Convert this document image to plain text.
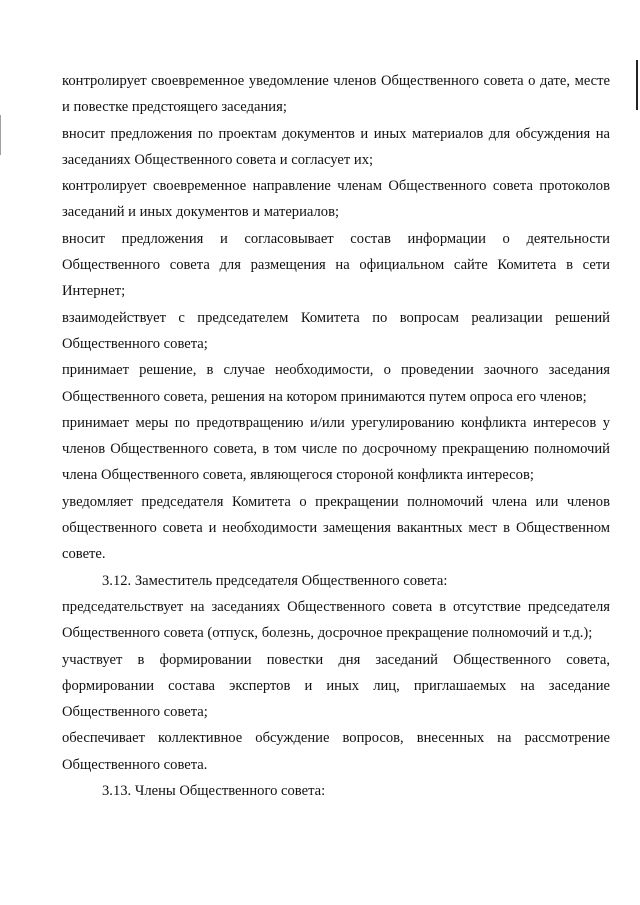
контролирует своевременное уведомление членов Общественного совета о дате, месте и повестке предстоящего заседания;

вносит предложения по проектам документов и иных материалов для обсуждения на заседаниях Общественного совета и согласует их;

контролирует своевременное направление членам Общественного совета протоколов заседаний и иных документов и материалов;

вносит предложения и согласовывает состав информации о деятельности Общественного совета для размещения на официальном сайте Комитета в сети Интернет;

взаимодействует с председателем Комитета по вопросам реализации решений Общественного совета;

принимает решение, в случае необходимости, о проведении заочного заседания Общественного совета, решения на котором принимаются путем опроса его членов;

принимает меры по предотвращению и/или урегулированию конфликта интересов у членов Общественного совета, в том числе по досрочному прекращению полномочий члена Общественного совета, являющегося стороной конфликта интересов;

уведомляет председателя Комитета о прекращении полномочий члена или членов общественного совета и необходимости замещения вакантных мест в Общественном совете.

3.12. Заместитель председателя Общественного совета:

председательствует на заседаниях Общественного совета в отсутствие председателя Общественного совета (отпуск, болезнь, досрочное прекращение полномочий и т.д.);

участвует в формировании повестки дня заседаний Общественного совета, формировании состава экспертов и иных лиц, приглашаемых на заседание Общественного совета;

обеспечивает коллективное обсуждение вопросов, внесенных на рассмотрение Общественного совета.

3.13. Члены Общественного совета:
